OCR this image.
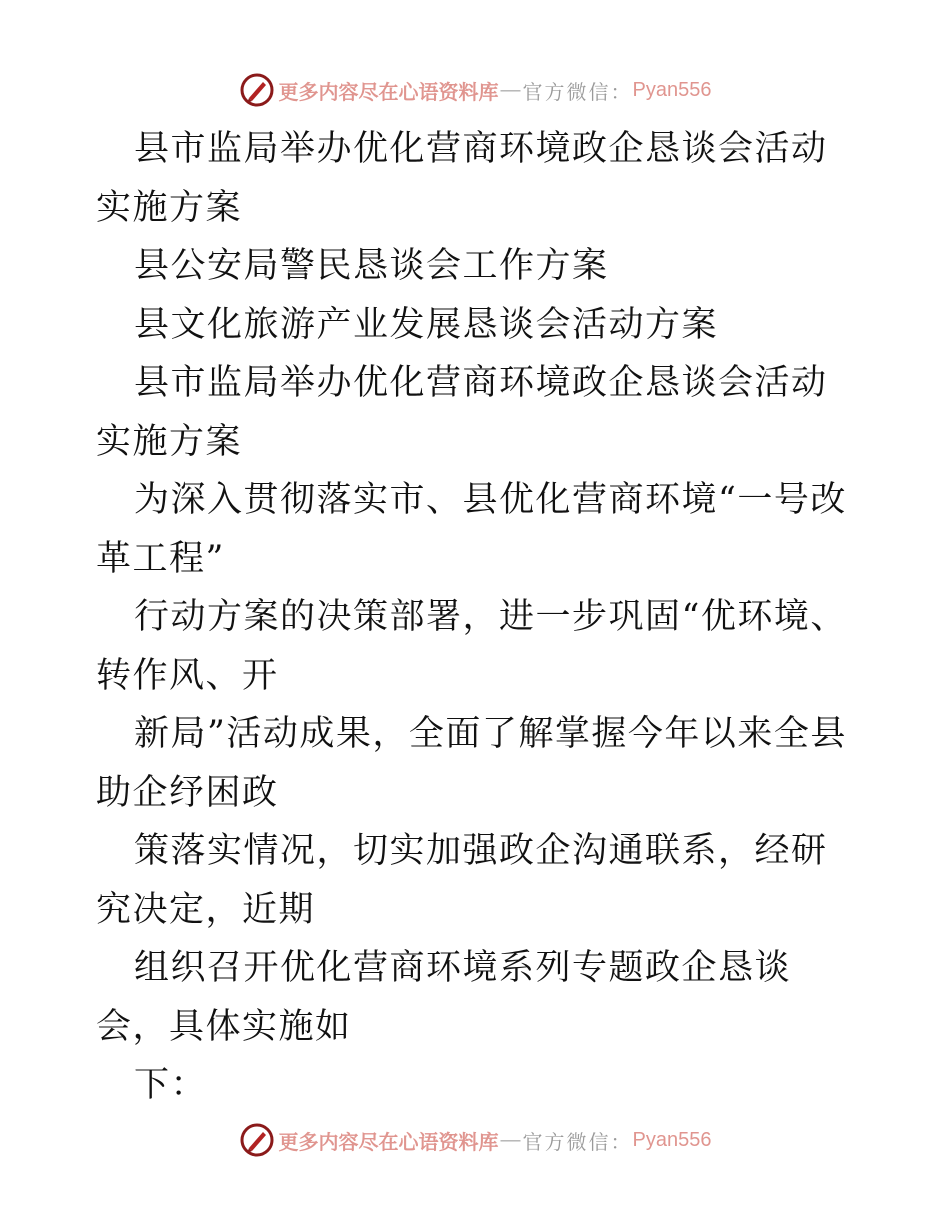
更多内容尽在心语资料库 — 官方微信： Pyan556

县市监局举办优化营商环境政企恳谈会活动实施方案

县公安局警民恳谈会工作方案

县文化旅游产业发展恳谈会活动方案

县市监局举办优化营商环境政企恳谈会活动实施方案

为深入贯彻落实市、县优化营商环境“一号改革工程”

行动方案的决策部署，进一步巩固“优环境、转作风、开

新局”活动成果，全面了解掌握今年以来全县助企纾困政

策落实情况，切实加强政企沟通联系，经研究决定，近期

组织召开优化营商环境系列专题政企恳谈会，具体实施如

下：

更多内容尽在心语资料库 — 官方微信： Pyan556
